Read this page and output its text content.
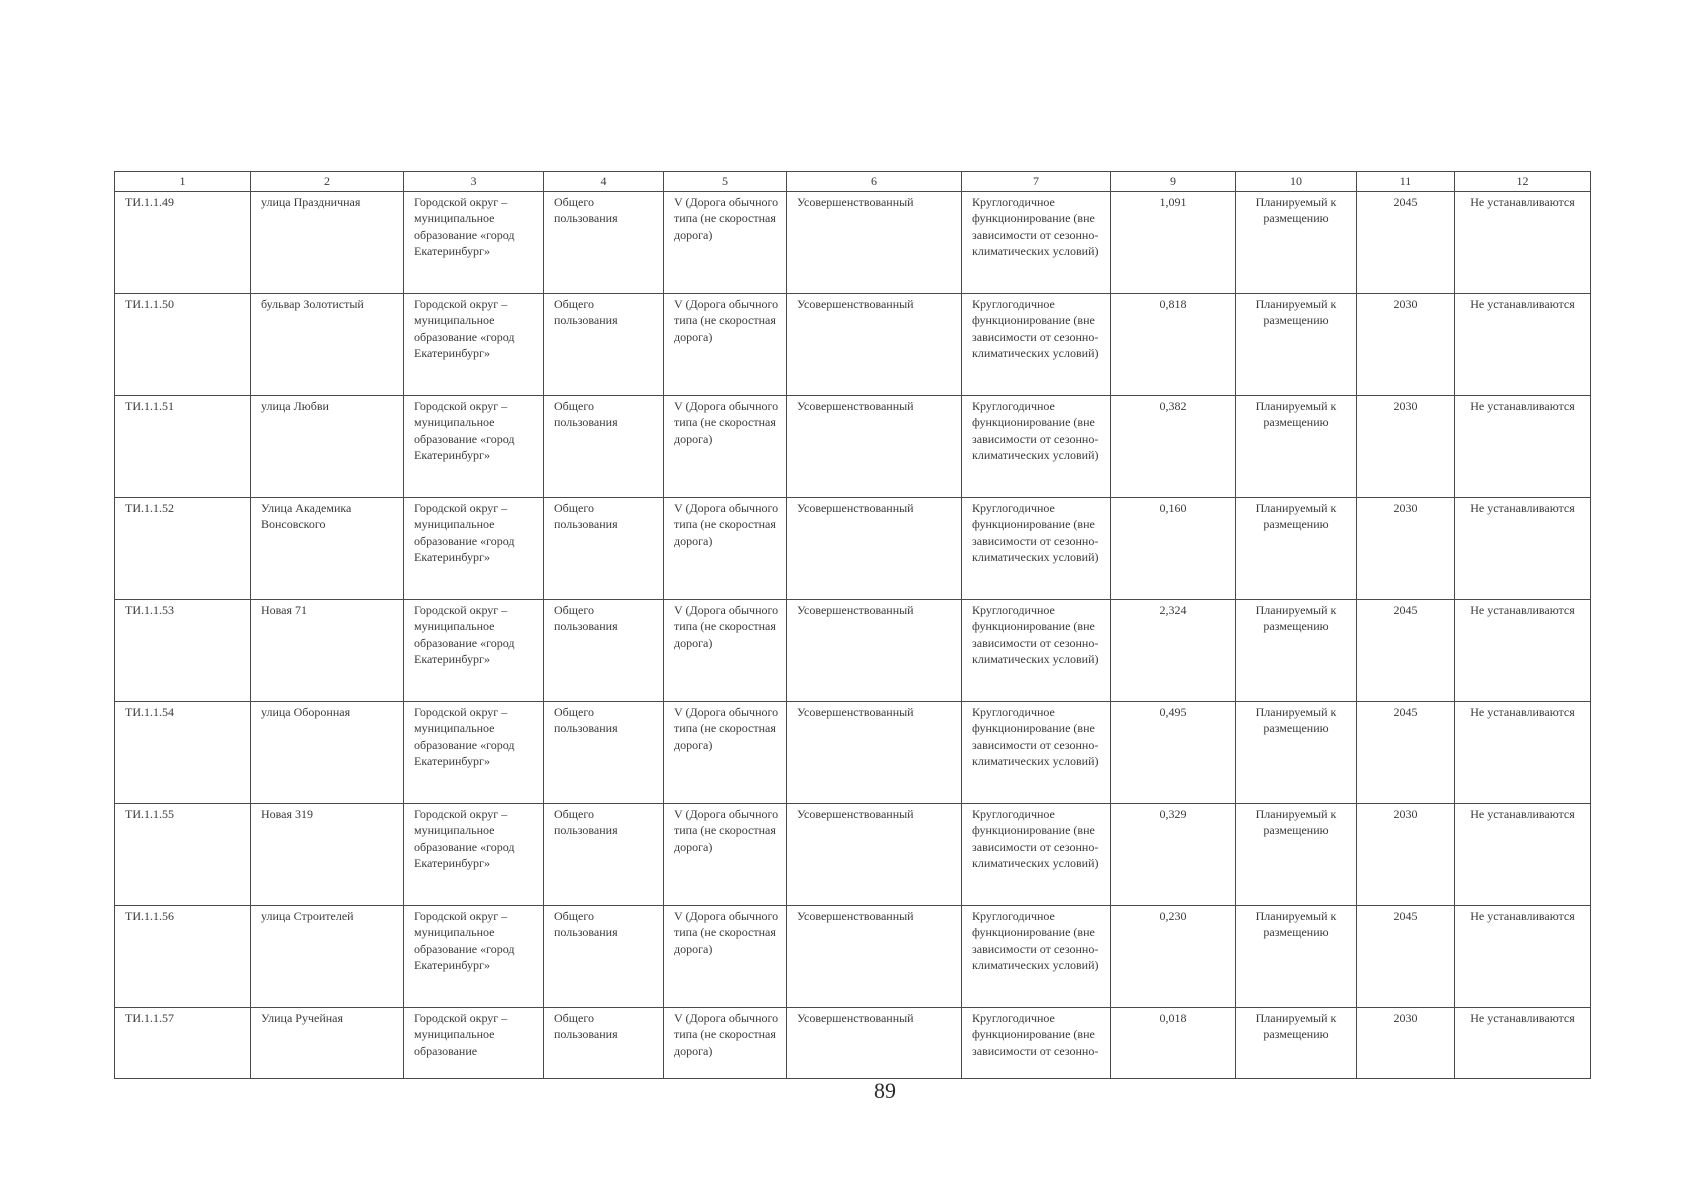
1	2	3	4	5	6	7	9	10	11	12
ТИ.1.1.49	улица Праздничная	Городской округ – муниципальное образование «город Екатеринбург»	Общего пользования	V (Дорога обычного типа (не скоростная дорога)	Усовершенствованный	Круглогодичное функционирование (вне зависимости от сезонно-климатических условий)	1,091	Планируемый к размещению	2045	Не устанавливаются
ТИ.1.1.50	бульвар Золотистый	Городской округ – муниципальное образование «город Екатеринбург»	Общего пользования	V (Дорога обычного типа (не скоростная дорога)	Усовершенствованный	Круглогодичное функционирование (вне зависимости от сезонно-климатических условий)	0,818	Планируемый к размещению	2030	Не устанавливаются
ТИ.1.1.51	улица Любви	Городской округ – муниципальное образование «город Екатеринбург»	Общего пользования	V (Дорога обычного типа (не скоростная дорога)	Усовершенствованный	Круглогодичное функционирование (вне зависимости от сезонно-климатических условий)	0,382	Планируемый к размещению	2030	Не устанавливаются
ТИ.1.1.52	Улица Академика Вонсовского	Городской округ – муниципальное образование «город Екатеринбург»	Общего пользования	V (Дорога обычного типа (не скоростная дорога)	Усовершенствованный	Круглогодичное функционирование (вне зависимости от сезонно-климатических условий)	0,160	Планируемый к размещению	2030	Не устанавливаются
ТИ.1.1.53	Новая 71	Городской округ – муниципальное образование «город Екатеринбург»	Общего пользования	V (Дорога обычного типа (не скоростная дорога)	Усовершенствованный	Круглогодичное функционирование (вне зависимости от сезонно-климатических условий)	2,324	Планируемый к размещению	2045	Не устанавливаются
ТИ.1.1.54	улица Оборонная	Городской округ – муниципальное образование «город Екатеринбург»	Общего пользования	V (Дорога обычного типа (не скоростная дорога)	Усовершенствованный	Круглогодичное функционирование (вне зависимости от сезонно-климатических условий)	0,495	Планируемый к размещению	2045	Не устанавливаются
ТИ.1.1.55	Новая 319	Городской округ – муниципальное образование «город Екатеринбург»	Общего пользования	V (Дорога обычного типа (не скоростная дорога)	Усовершенствованный	Круглогодичное функционирование (вне зависимости от сезонно-климатических условий)	0,329	Планируемый к размещению	2030	Не устанавливаются
ТИ.1.1.56	улица Строителей	Городской округ – муниципальное образование «город Екатеринбург»	Общего пользования	V (Дорога обычного типа (не скоростная дорога)	Усовершенствованный	Круглогодичное функционирование (вне зависимости от сезонно-климатических условий)	0,230	Планируемый к размещению	2045	Не устанавливаются
ТИ.1.1.57	Улица Ручейная	Городской округ – муниципальное образование	Общего пользования	V (Дорога обычного типа (не скоростная дорога)	Усовершенствованный	Круглогодичное функционирование (вне зависимости от сезонно-	0,018	Планируемый к размещению	2030	Не устанавливаются
89
